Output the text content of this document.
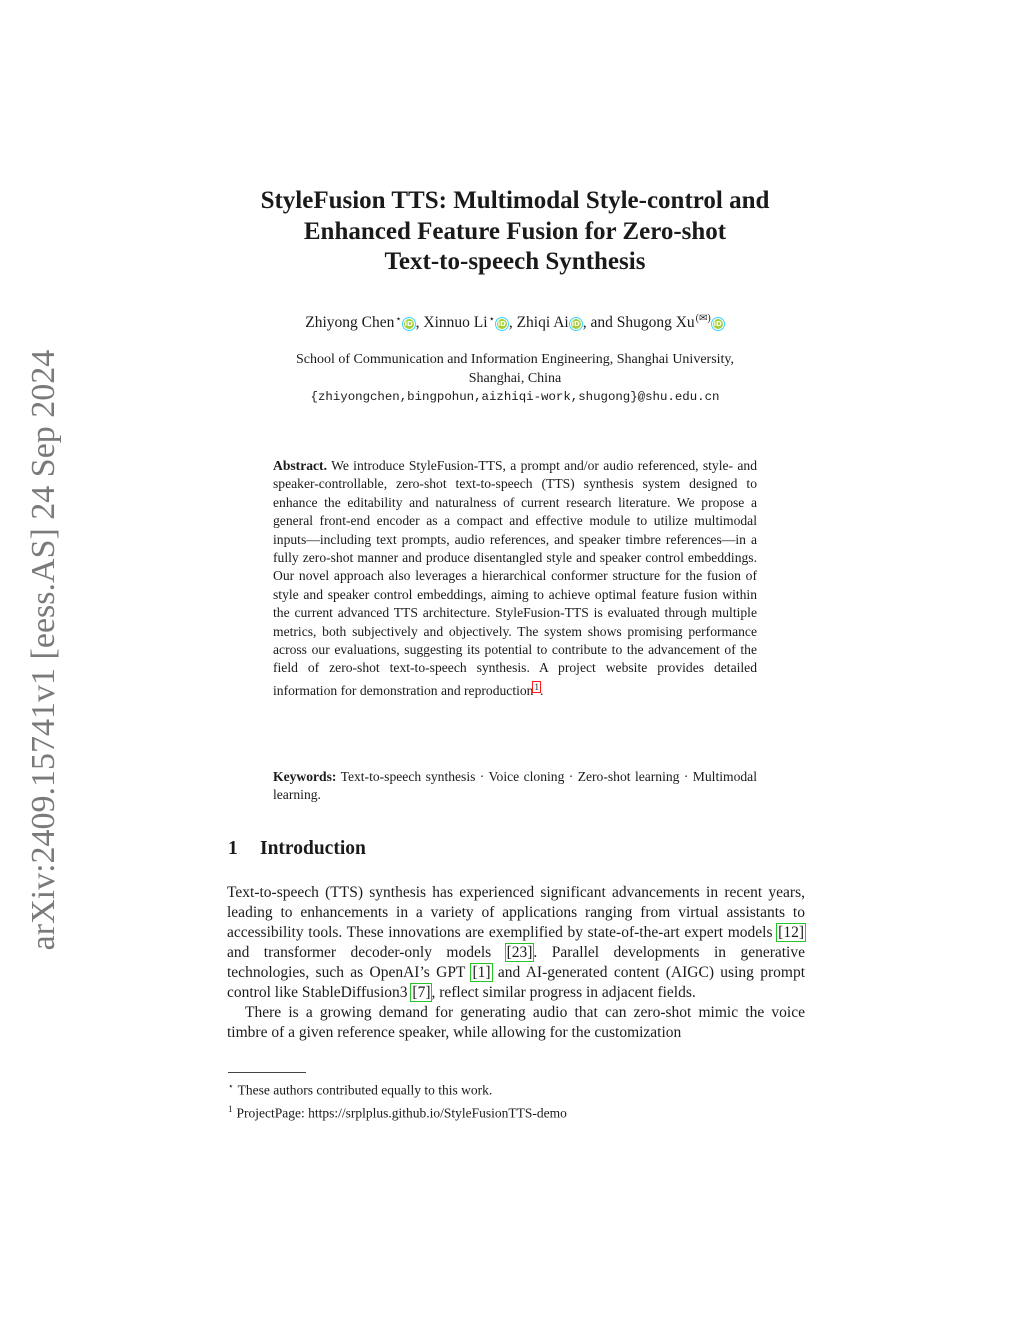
arXiv:2409.15741v1 [eess.AS] 24 Sep 2024
StyleFusion TTS: Multimodal Style-control and
Enhanced Feature Fusion for Zero-shot
Text-to-speech Synthesis
Zhiyong Chen⋆ iD , Xinnuo Li⋆ iD , Zhiqi Ai iD , and Shugong Xu(✉) iD
School of Communication and Information Engineering, Shanghai University,
Shanghai, China
{zhiyongchen,bingpohun,aizhiqi-work,shugong}@shu.edu.cn
Abstract. We introduce StyleFusion-TTS, a prompt and/or audio referenced, style- and speaker-controllable, zero-shot text-to-speech (TTS) synthesis system designed to enhance the editability and naturalness of current research literature. We propose a general front-end encoder as a compact and effective module to utilize multimodal inputs—including text prompts, audio references, and speaker timbre references—in a fully zero-shot manner and produce disentangled style and speaker control embeddings. Our novel approach also leverages a hierarchical conformer structure for the fusion of style and speaker control embeddings, aiming to achieve optimal feature fusion within the current advanced TTS architecture. StyleFusion-TTS is evaluated through multiple metrics, both subjectively and objectively. The system shows promising performance across our evaluations, suggesting its potential to contribute to the advancement of the field of zero-shot text-to-speech synthesis. A project website provides detailed information for demonstration and reproduction$^1$.
Keywords: Text-to-speech synthesis · Voice cloning · Zero-shot learning · Multimodal learning.
1 Introduction

Text-to-speech (TTS) synthesis has experienced significant advancements in recent years, leading to enhancements in a variety of applications ranging from virtual assistants to accessibility tools. These innovations are exemplified by state-of-the-art expert models [12] and transformer decoder-only models [23]. Parallel developments in generative technologies, such as OpenAI’s GPT [1] and AI-generated content (AIGC) using prompt control like StableDiffusion3 [7], reflect similar progress in adjacent fields.

There is a growing demand for generating audio that can zero-shot mimic the voice timbre of a given reference speaker, while allowing for the customization

⋆ These authors contributed equally to this work.
$^1$ ProjectPage: https://srplplus.github.io/StyleFusionTTS-demo
